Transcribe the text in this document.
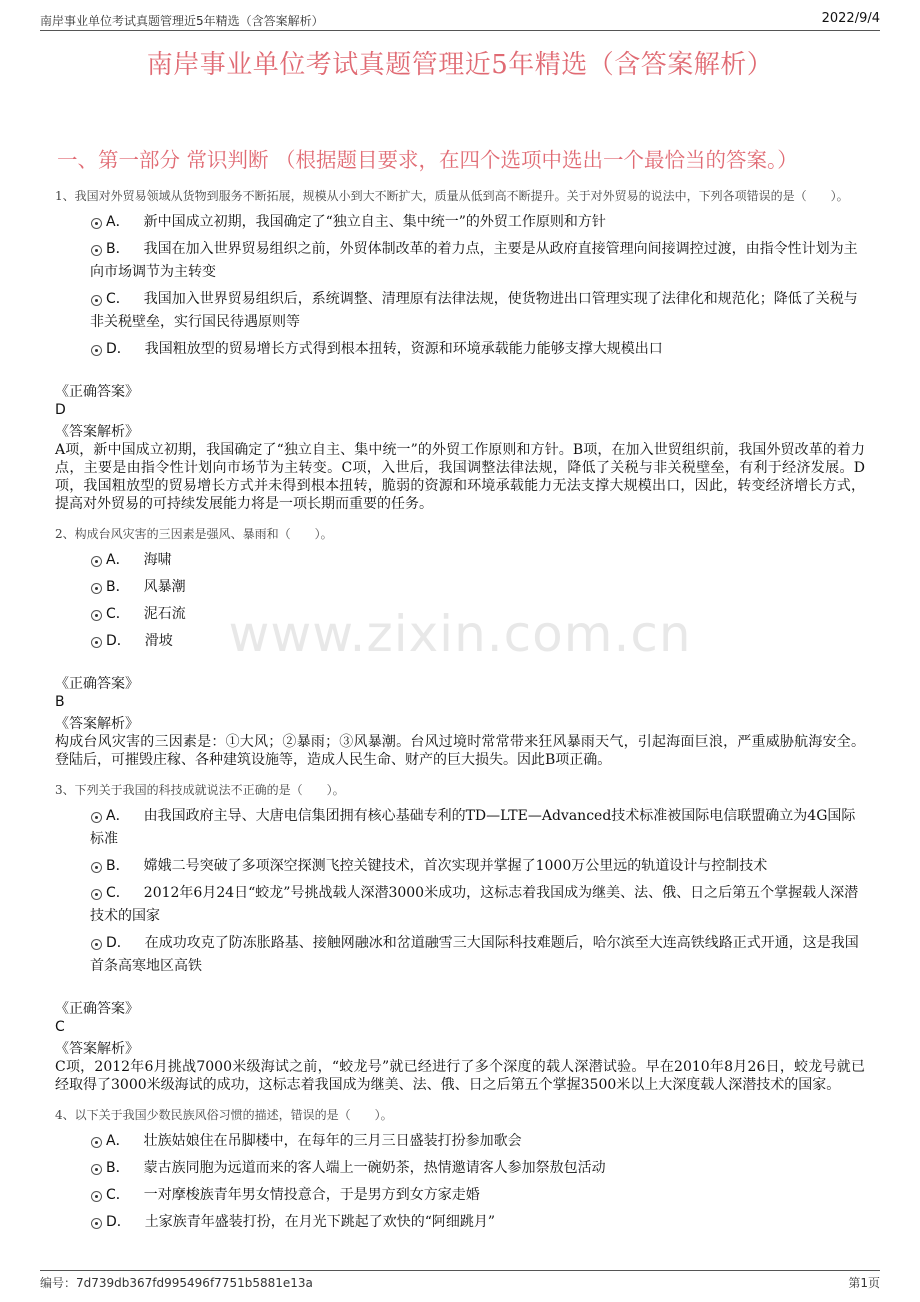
南岸事业单位考试真题管理近5年精选（含答案解析）	2022/9/4
南岸事业单位考试真题管理近5年精选（含答案解析）
一、第一部分 常识判断 （根据题目要求，在四个选项中选出一个最恰当的答案。）
www.zixin.com.cn

1、我国对外贸易领域从货物到服务不断拓展，规模从小到大不断扩大，质量从低到高不断提升。关于对外贸易的说法中，下列各项错误的是（　　）。

A． 新中国成立初期，我国确定了“独立自主、集中统一”的外贸工作原则和方针
B． 我国在加入世界贸易组织之前，外贸体制改革的着力点，主要是从政府直接管理向间接调控过渡，由指令性计划为主向市场调节为主转变
C． 我国加入世界贸易组织后，系统调整、清理原有法律法规，使货物进出口管理实现了法律化和规范化；降低了关税与非关税壁垒，实行国民待遇原则等
D． 我国粗放型的贸易增长方式得到根本扭转，资源和环境承载能力能够支撑大规模出口

《正确答案》

D

《答案解析》

A项，新中国成立初期，我国确定了“独立自主、集中统一”的外贸工作原则和方针。B项，在加入世贸组织前，我国外贸改革的着力点，主要是由指令性计划向市场节为主转变。C项，入世后，我国调整法律法规，降低了关税与非关税壁垒，有利于经济发展。D项，我国粗放型的贸易增长方式并未得到根本扭转，脆弱的资源和环境承载能力无法支撑大规模出口，因此，转变经济增长方式，提高对外贸易的可持续发展能力将是一项长期而重要的任务。

2、构成台风灾害的三因素是强风、暴雨和（　　）。

A． 海啸
B． 风暴潮
C． 泥石流
D． 滑坡

《正确答案》

B

《答案解析》

构成台风灾害的三因素是：①大风；②暴雨；③风暴潮。台风过境时常常带来狂风暴雨天气，引起海面巨浪，严重威胁航海安全。登陆后，可摧毁庄稼、各种建筑设施等，造成人民生命、财产的巨大损失。因此B项正确。

3、下列关于我国的科技成就说法不正确的是（　　）。

A． 由我国政府主导、大唐电信集团拥有核心基础专利的TD—LTE—Advanced技术标准被国际电信联盟确立为4G国际标准
B． 嫦娥二号突破了多项深空探测飞控关键技术，首次实现并掌握了1000万公里远的轨道设计与控制技术
C． 2012年6月24日“蛟龙”号挑战载人深潜3000米成功，这标志着我国成为继美、法、俄、日之后第五个掌握载人深潜技术的国家
D． 在成功攻克了防冻胀路基、接触网融冰和岔道融雪三大国际科技难题后，哈尔滨至大连高铁线路正式开通，这是我国首条高寒地区高铁

《正确答案》

C

《答案解析》

C项，2012年6月挑战7000米级海试之前，“蛟龙号”就已经进行了多个深度的载人深潜试验。早在2010年8月26日，蛟龙号就已经取得了3000米级海试的成功，这标志着我国成为继美、法、俄、日之后第五个掌握3500米以上大深度载人深潜技术的国家。

4、以下关于我国少数民族风俗习惯的描述，错误的是（　　）。

A． 壮族姑娘住在吊脚楼中，在每年的三月三日盛装打扮参加歌会
B． 蒙古族同胞为远道而来的客人端上一碗奶茶，热情邀请客人参加祭敖包活动
C． 一对摩梭族青年男女情投意合，于是男方到女方家走婚
D． 土家族青年盛装打扮，在月光下跳起了欢快的“阿细跳月”
编号：7d739db367fd995496f7751b5881e13a	第1页
